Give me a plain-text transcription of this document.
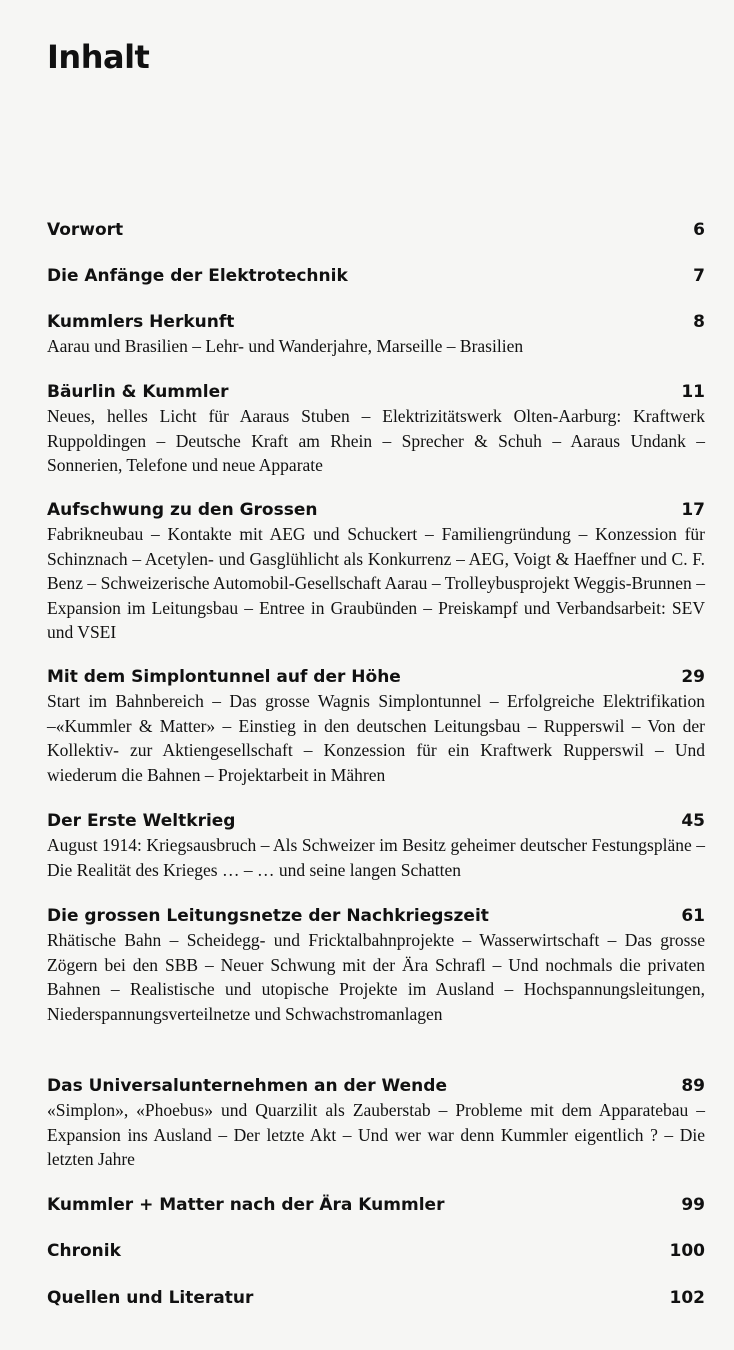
Inhalt
Vorwort	6
Die Anfänge der Elektrotechnik	7
Kummlers Herkunft	8

Aarau und Brasilien – Lehr- und Wanderjahre, Marseille – Brasilien

Bäurlin & Kummler	11

Neues, helles Licht für Aaraus Stuben – Elektrizitätswerk Olten-Aarburg: Kraftwerk Ruppoldingen – Deutsche Kraft am Rhein – Sprecher & Schuh – Aaraus Undank – Sonnerien, Telefone und neue Apparate

Aufschwung zu den Grossen	17

Fabrikneubau – Kontakte mit AEG und Schuckert – Familiengründung – Konzession für Schinznach – Acetylen- und Gasglühlicht als Konkurrenz – AEG, Voigt & Haeffner und C. F. Benz – Schweizerische Automobil-Gesellschaft Aarau – Trolleybusprojekt Weggis-Brunnen – Expansion im Leitungsbau – Entree in Graubünden – Preiskampf und Verbandsarbeit: SEV und VSEI

Mit dem Simplontunnel auf der Höhe	29

Start im Bahnbereich – Das grosse Wagnis Simplontunnel – Erfolgreiche Elektrifikation –«Kummler & Matter» – Einstieg in den deutschen Leitungsbau – Rupperswil – Von der Kollektiv- zur Aktiengesellschaft – Konzession für ein Kraftwerk Rupperswil – Und wiederum die Bahnen – Projektarbeit in Mähren

Der Erste Weltkrieg	45

August 1914: Kriegsausbruch – Als Schweizer im Besitz geheimer deutscher Festungspläne – Die Realität des Krieges … – … und seine langen Schatten

Die grossen Leitungsnetze der Nachkriegszeit	61

Rhätische Bahn – Scheidegg- und Fricktalbahnprojekte – Wasserwirtschaft – Das grosse Zögern bei den SBB – Neuer Schwung mit der Ära Schrafl – Und nochmals die privaten Bahnen – Realistische und utopische Projekte im Ausland – Hochspannungsleitungen, Niederspannungsverteilnetze und Schwachstromanlagen

Das Universalunternehmen an der Wende	89

«Simplon», «Phoebus» und Quarzilit als Zauberstab – Probleme mit dem Apparatebau – Expansion ins Ausland – Der letzte Akt – Und wer war denn Kummler eigentlich ? – Die letzten Jahre

Kummler + Matter nach der Ära Kummler	99
Chronik	100
Quellen und Literatur	102
